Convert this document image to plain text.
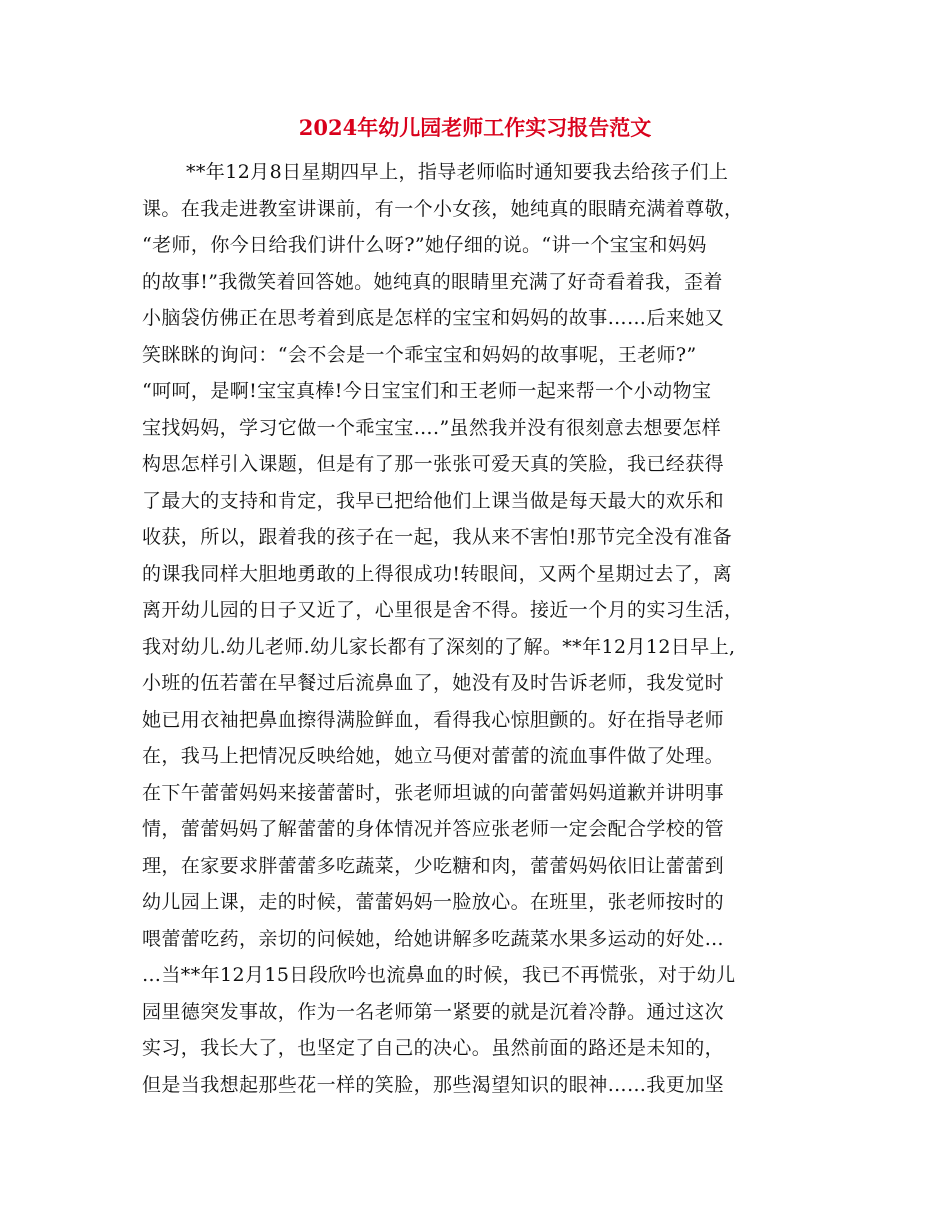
2024年幼儿园老师工作实习报告范文
**年12月8日星期四早上，指导老师临时通知要我去给孩子们上
课。在我走进教室讲课前，有一个小女孩，她纯真的眼睛充满着尊敬，
“老师，你今日给我们讲什么呀?”她仔细的说。“讲一个宝宝和妈妈
的故事!”我微笑着回答她。她纯真的眼睛里充满了好奇看着我，歪着
小脑袋仿佛正在思考着到底是怎样的宝宝和妈妈的故事……后来她又
笑眯眯的询问：“会不会是一个乖宝宝和妈妈的故事呢，王老师?”
“呵呵，是啊!宝宝真棒!今日宝宝们和王老师一起来帮一个小动物宝
宝找妈妈，学习它做一个乖宝宝….”虽然我并没有很刻意去想要怎样
构思怎样引入课题，但是有了那一张张可爱天真的笑脸，我已经获得
了最大的支持和肯定，我早已把给他们上课当做是每天最大的欢乐和
收获，所以，跟着我的孩子在一起，我从来不害怕!那节完全没有准备
的课我同样大胆地勇敢的上得很成功!转眼间，又两个星期过去了，离
离开幼儿园的日子又近了，心里很是舍不得。接近一个月的实习生活，
我对幼儿.幼儿老师.幼儿家长都有了深刻的了解。**年12月12日早上,
小班的伍若蕾在早餐过后流鼻血了，她没有及时告诉老师，我发觉时
她已用衣袖把鼻血擦得满脸鲜血，看得我心惊胆颤的。好在指导老师
在，我马上把情况反映给她，她立马便对蕾蕾的流血事件做了处理。
在下午蕾蕾妈妈来接蕾蕾时，张老师坦诚的向蕾蕾妈妈道歉并讲明事
情，蕾蕾妈妈了解蕾蕾的身体情况并答应张老师一定会配合学校的管
理，在家要求胖蕾蕾多吃蔬菜，少吃糖和肉，蕾蕾妈妈依旧让蕾蕾到
幼儿园上课，走的时候，蕾蕾妈妈一脸放心。在班里，张老师按时的
喂蕾蕾吃药，亲切的问候她，给她讲解多吃蔬菜水果多运动的好处…
…当**年12月15日段欣吟也流鼻血的时候，我已不再慌张，对于幼儿
园里德突发事故，作为一名老师第一紧要的就是沉着冷静。通过这次
实习，我长大了，也坚定了自己的决心。虽然前面的路还是未知的，
但是当我想起那些花一样的笑脸，那些渴望知识的眼神……我更加坚
